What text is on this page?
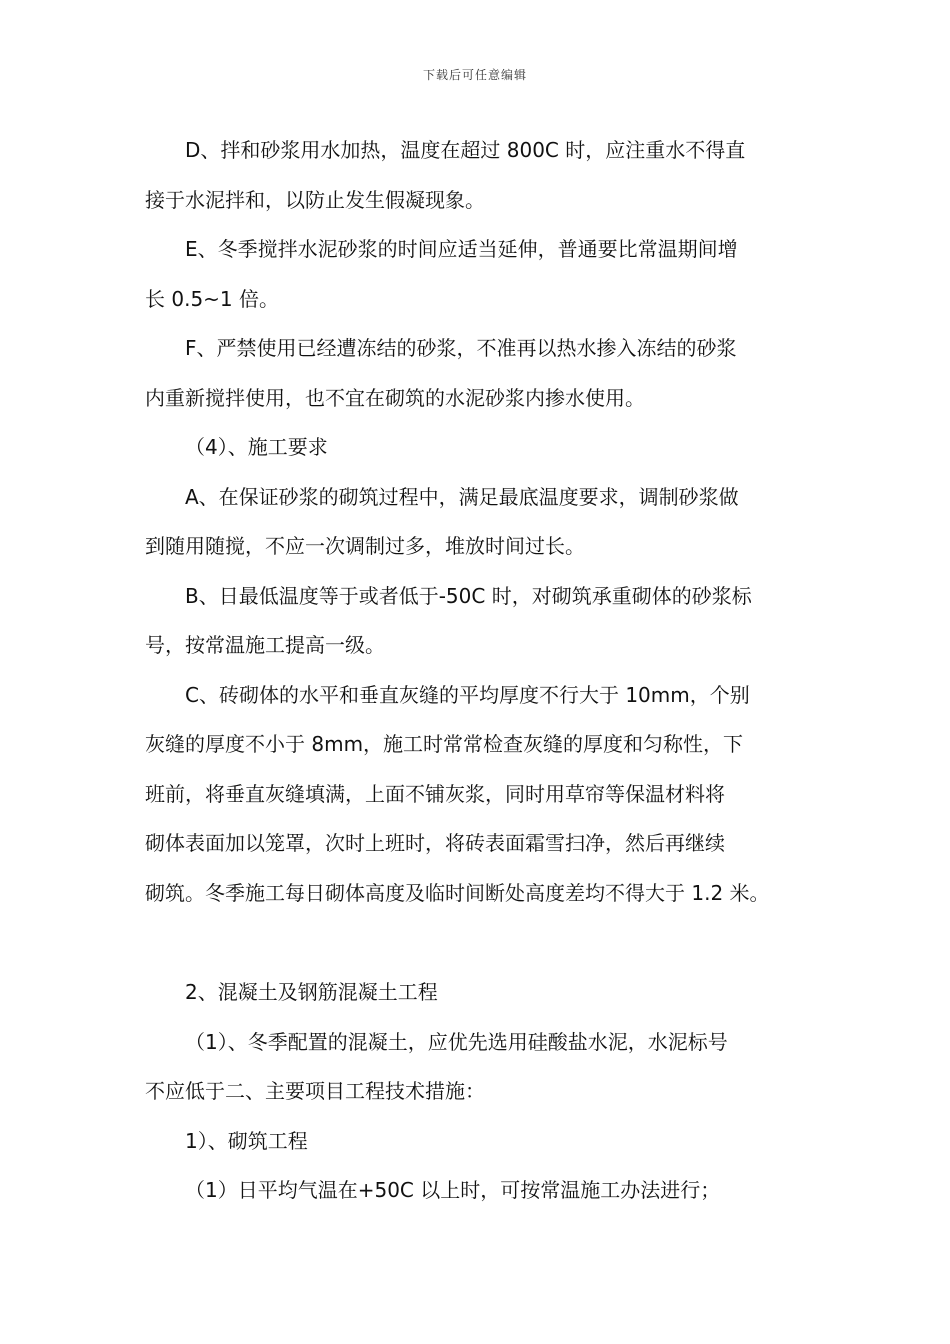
下载后可任意编辑

D、拌和砂浆用水加热，温度在超过 800C 时，应注重水不得直
接于水泥拌和，以防止发生假凝现象。

E、冬季搅拌水泥砂浆的时间应适当延伸，普通要比常温期间增
长 0.5~1 倍。

F、严禁使用已经遭冻结的砂浆，不准再以热水掺入冻结的砂浆
内重新搅拌使用，也不宜在砌筑的水泥砂浆内掺水使用。

（4）、施工要求

A、在保证砂浆的砌筑过程中，满足最底温度要求，调制砂浆做
到随用随搅，不应一次调制过多，堆放时间过长。

B、日最低温度等于或者低于-50C 时，对砌筑承重砌体的砂浆标
号，按常温施工提高一级。

C、砖砌体的水平和垂直灰缝的平均厚度不行大于 10mm，个别
灰缝的厚度不小于 8mm，施工时常常检查灰缝的厚度和匀称性，下
班前，将垂直灰缝填满，上面不铺灰浆，同时用草帘等保温材料将
砌体表面加以笼罩，次时上班时，将砖表面霜雪扫净，然后再继续
砌筑。冬季施工每日砌体高度及临时间断处高度差均不得大于 1.2 米。

2、混凝土及钢筋混凝土工程

（1）、冬季配置的混凝土，应优先选用硅酸盐水泥，水泥标号
不应低于二、主要项目工程技术措施：

1）、砌筑工程

（1）日平均气温在+50C 以上时，可按常温施工办法进行；
